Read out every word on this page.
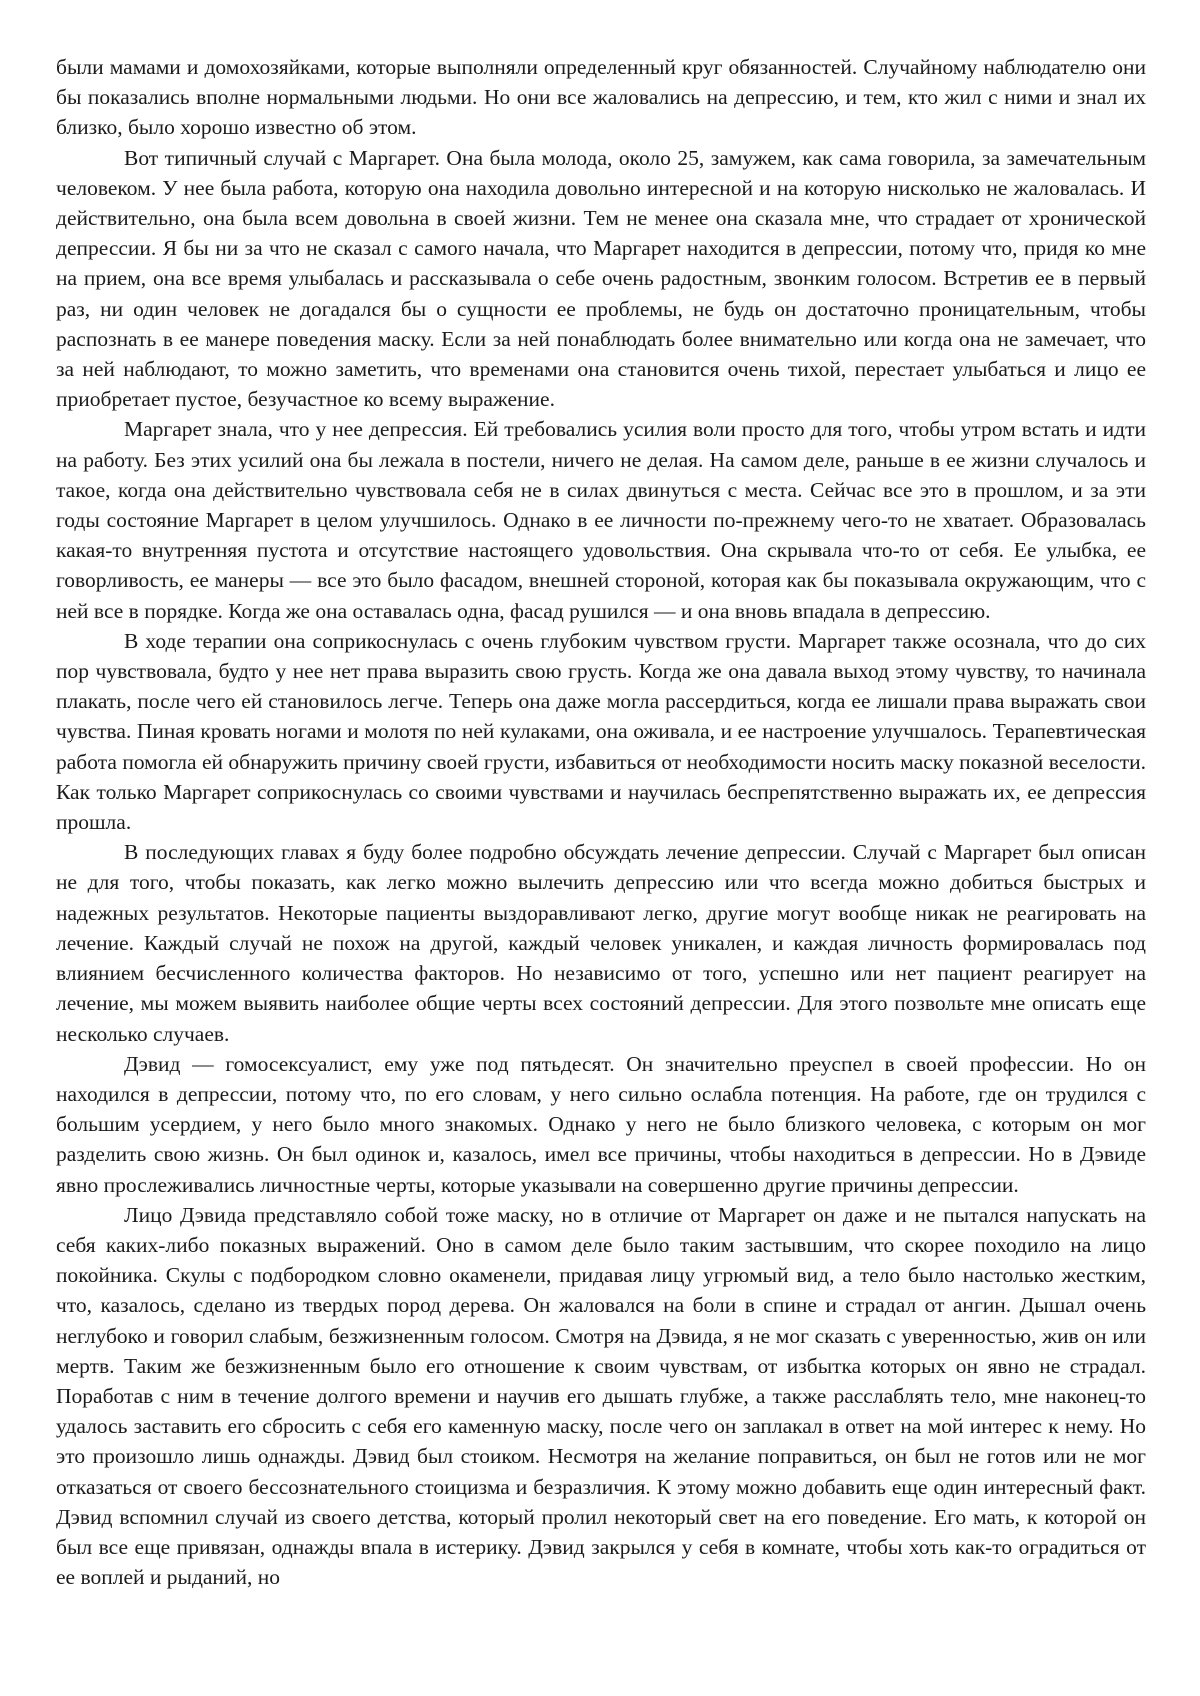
были мамами и домохозяйками, которые выполняли определенный круг обязанностей. Случайному наблюдателю они бы показались вполне нормальными людьми. Но они все жаловались на депрессию, и тем, кто жил с ними и знал их близко, было хорошо известно об этом.

Вот типичный случай с Маргарет. Она была молода, около 25, замужем, как сама говорила, за замечательным человеком. У нее была работа, которую она находила довольно интересной и на которую нисколько не жаловалась. И действительно, она была всем довольна в своей жизни. Тем не менее она сказала мне, что страдает от хронической депрессии. Я бы ни за что не сказал с самого начала, что Маргарет находится в депрессии, потому что, придя ко мне на прием, она все время улыбалась и рассказывала о себе очень радостным, звонким голосом. Встретив ее в первый раз, ни один человек не догадался бы о сущности ее проблемы, не будь он достаточно проницательным, чтобы распознать в ее манере поведения маску. Если за ней понаблюдать более внимательно или когда она не замечает, что за ней наблюдают, то можно заметить, что временами она становится очень тихой, перестает улыбаться и лицо ее приобретает пустое, безучастное ко всему выражение.

Маргарет знала, что у нее депрессия. Ей требовались усилия воли просто для того, чтобы утром встать и идти на работу. Без этих усилий она бы лежала в постели, ничего не делая. На самом деле, раньше в ее жизни случалось и такое, когда она действительно чувствовала себя не в силах двинуться с места. Сейчас все это в прошлом, и за эти годы состояние Маргарет в целом улучшилось. Однако в ее личности по-прежнему чего-то не хватает. Образовалась какая-то внутренняя пустота и отсутствие настоящего удовольствия. Она скрывала что-то от себя. Ее улыбка, ее говорливость, ее манеры — все это было фасадом, внешней стороной, которая как бы показывала окружающим, что с ней все в порядке. Когда же она оставалась одна, фасад рушился — и она вновь впадала в депрессию.

В ходе терапии она соприкоснулась с очень глубоким чувством грусти. Маргарет также осознала, что до сих пор чувствовала, будто у нее нет права выразить свою грусть. Когда же она давала выход этому чувству, то начинала плакать, после чего ей становилось легче. Теперь она даже могла рассердиться, когда ее лишали права выражать свои чувства. Пиная кровать ногами и молотя по ней кулаками, она оживала, и ее настроение улучшалось. Терапевтическая работа помогла ей обнаружить причину своей грусти, избавиться от необходимости носить маску показной веселости. Как только Маргарет соприкоснулась со своими чувствами и научилась беспрепятственно выражать их, ее депрессия прошла.

В последующих главах я буду более подробно обсуждать лечение депрессии. Случай с Маргарет был описан не для того, чтобы показать, как легко можно вылечить депрессию или что всегда можно добиться быстрых и надежных результатов. Некоторые пациенты выздоравливают легко, другие могут вообще никак не реагировать на лечение. Каждый случай не похож на другой, каждый человек уникален, и каждая личность формировалась под влиянием бесчисленного количества факторов. Но независимо от того, успешно или нет пациент реагирует на лечение, мы можем выявить наиболее общие черты всех состояний депрессии. Для этого позвольте мне описать еще несколько случаев.

Дэвид — гомосексуалист, ему уже под пятьдесят. Он значительно преуспел в своей профессии. Но он находился в депрессии, потому что, по его словам, у него сильно ослабла потенция. На работе, где он трудился с большим усердием, у него было много знакомых. Однако у него не было близкого человека, с которым он мог разделить свою жизнь. Он был одинок и, казалось, имел все причины, чтобы находиться в депрессии. Но в Дэвиде явно прослеживались личностные черты, которые указывали на совершенно другие причины депрессии.

Лицо Дэвида представляло собой тоже маску, но в отличие от Маргарет он даже и не пытался напускать на себя каких-либо показных выражений. Оно в самом деле было таким застывшим, что скорее походило на лицо покойника. Скулы с подбородком словно окаменели, придавая лицу угрюмый вид, а тело было настолько жестким, что, казалось, сделано из твердых пород дерева. Он жаловался на боли в спине и страдал от ангин. Дышал очень неглубоко и говорил слабым, безжизненным голосом. Смотря на Дэвида, я не мог сказать с уверенностью, жив он или мертв. Таким же безжизненным было его отношение к своим чувствам, от избытка которых он явно не страдал. Поработав с ним в течение долгого времени и научив его дышать глубже, а также расслаблять тело, мне наконец-то удалось заставить его сбросить с себя его каменную маску, после чего он заплакал в ответ на мой интерес к нему. Но это произошло лишь однажды. Дэвид был стоиком. Несмотря на желание поправиться, он был не готов или не мог отказаться от своего бессознательного стоицизма и безразличия. К этому можно добавить еще один интересный факт. Дэвид вспомнил случай из своего детства, который пролил некоторый свет на его поведение. Его мать, к которой он был все еще привязан, однажды впала в истерику. Дэвид закрылся у себя в комнате, чтобы хоть как-то оградиться от ее воплей и рыданий, но
